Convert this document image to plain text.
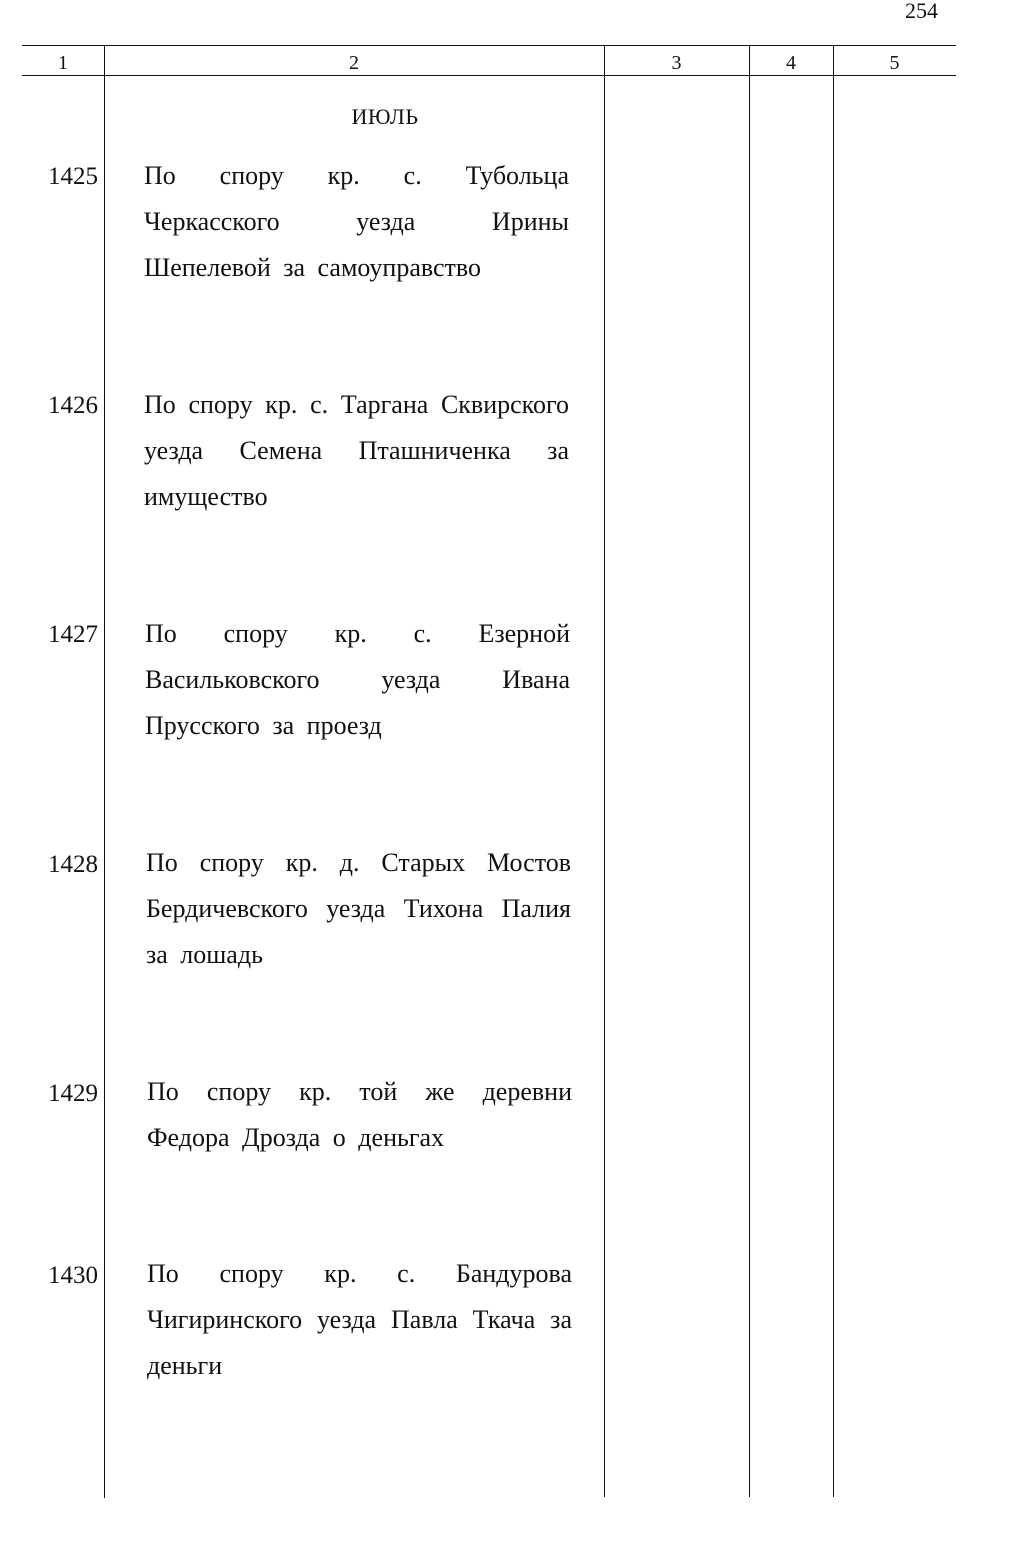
254
1	2	3	4	5
ИЮЛЬ
1425 По спору кр. с. Тубольца Черкасского уезда Ирины Шепелевой за самоуправство
1426 По спору кр. с. Таргана Сквирского уезда Семена Пташниченка за имущество
1427 По спору кр. с. Езерной Васильковского уезда Ивана Прусского за проезд
1428 По спору кр. д. Старых Мостов Бердичевского уезда Тихона Палия за лошадь
1429 По спору кр. той же деревни Федора Дрозда о деньгах
1430 По спору кр. с. Бандурова Чигиринского уезда Павла Ткача за деньги
